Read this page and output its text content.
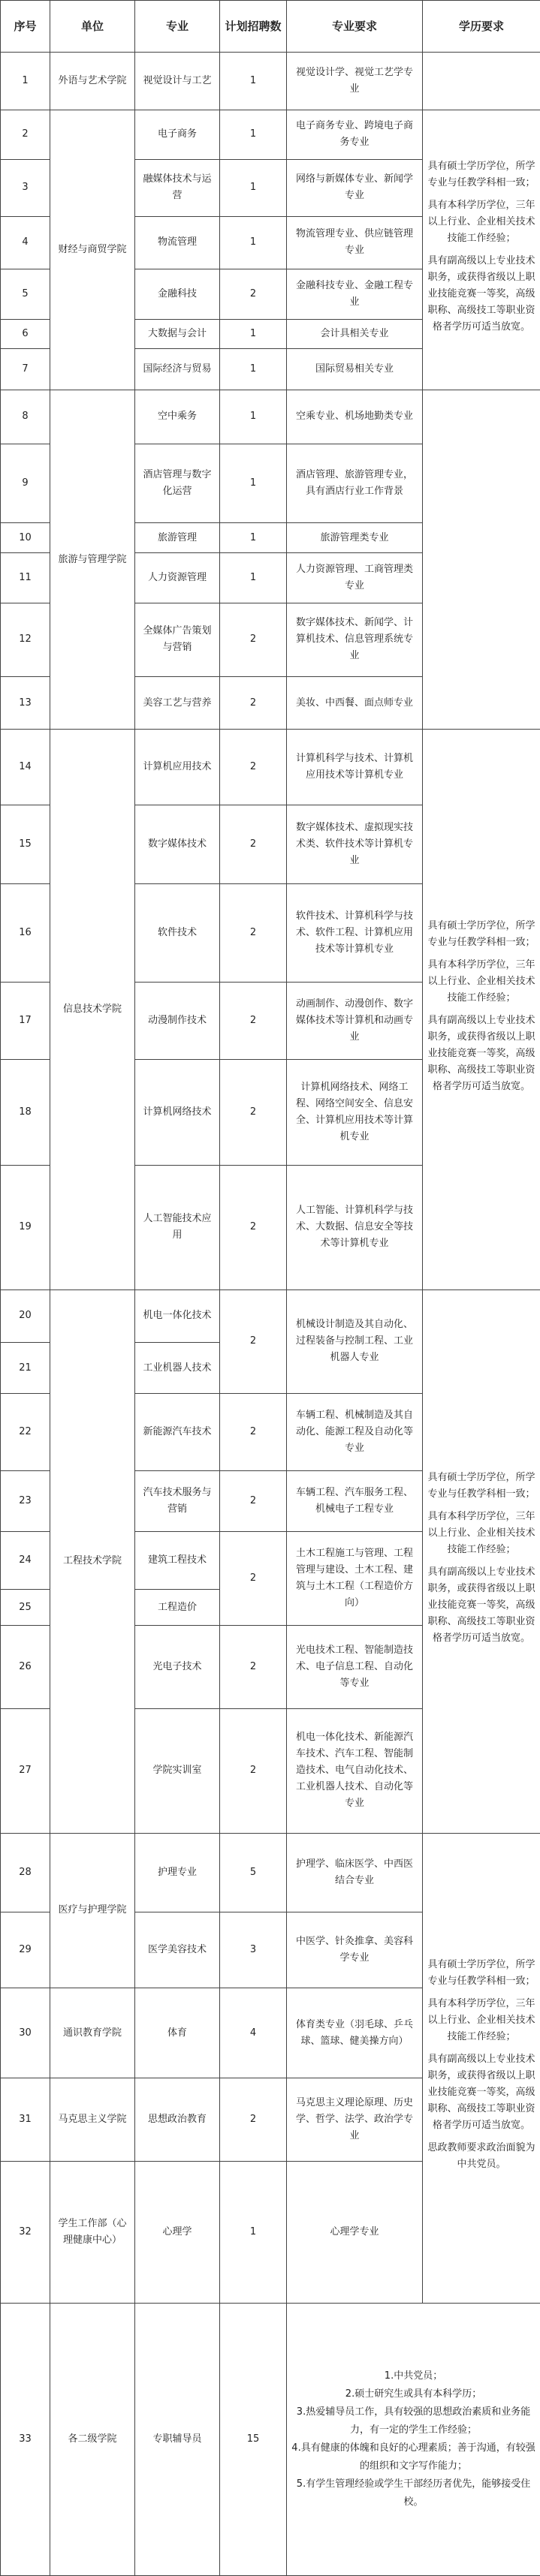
序号	单位	专业	计划招聘数	专业要求	学历要求
1	外语与艺术学院	视觉设计与工艺	1	视觉设计学、视觉工艺学专业	
2	财经与商贸学院	电子商务	1	电子商务专业、跨境电子商务专业	具有硕士学历学位，所学专业与任教学科相一致；
具有本科学历学位，三年以上行业、企业相关技术技能工作经验；
具有副高级以上专业技术职务，或获得省级以上职业技能竞赛一等奖，高级职称、高级技工等职业资格者学历可适当放宽。

3		融媒体技术与运营	1	网络与新媒体专业、新闻学专业	
4		物流管理	1	物流管理专业、供应链管理专业	
5		金融科技	2	金融科技专业、金融工程专业	
6		大数据与会计	1	会计具相关专业	
7		国际经济与贸易	1	国际贸易相关专业	
8	旅游与管理学院	空中乘务	1	空乘专业、机场地勤类专业	
9		酒店管理与数字化运营	1	酒店管理、旅游管理专业，具有酒店行业工作背景	
10		旅游管理	1	旅游管理类专业	
11		人力资源管理	1	人力资源管理、工商管理类专业	
12		全媒体广告策划与营销	2	数字媒体技术、新闻学、计算机技术、信息管理系统专业	
13		美容工艺与营养	2	美妆、中西餐、面点师专业	
14	信息技术学院	计算机应用技术	2	计算机科学与技术、计算机应用技术等计算机专业	具有硕士学历学位，所学专业与任教学科相一致；
具有本科学历学位，三年以上行业、企业相关技术技能工作经验；
具有副高级以上专业技术职务，或获得省级以上职业技能竞赛一等奖，高级职称、高级技工等职业资格者学历可适当放宽。

15		数字媒体技术	2	数字媒体技术、虚拟现实技术类、软件技术等计算机专业	
16		软件技术	2	软件技术、计算机科学与技术、软件工程、计算机应用技术等计算机专业	
17		动漫制作技术	2	动画制作、动漫创作、数字媒体技术等计算机和动画专业	
18		计算机网络技术	2	计算机网络技术、网络工程、网络空间安全、信息安全、计算机应用技术等计算机专业	
19		人工智能技术应用	2	人工智能、计算机科学与技术、大数据、信息安全等技术等计算机专业	
20	工程技术学院	机电一体化技术	2	机械设计制造及其自动化、过程装备与控制工程、工业机器人专业	具有硕士学历学位，所学专业与任教学科相一致；
具有本科学历学位，三年以上行业、企业相关技术技能工作经验；
具有副高级以上专业技术职务，或获得省级以上职业技能竞赛一等奖，高级职称、高级技工等职业资格者学历可适当放宽。

21		工业机器人技术			
22		新能源汽车技术	2	车辆工程、机械制造及其自动化、能源工程及自动化等专业	
23		汽车技术服务与营销	2	车辆工程、汽车服务工程、机械电子工程专业	
24		建筑工程技术	2	土木工程施工与管理、工程管理与建设、土木工程、建筑与土木工程（工程造价方向）	
25		工程造价			
26		光电子技术	2	光电技术工程、智能制造技术、电子信息工程、自动化等专业	
27		学院实训室	2	机电一体化技术、新能源汽车技术、汽车工程、智能制造技术、电气自动化技术、工业机器人技术、自动化等专业	
28	医疗与护理学院	护理专业	5	护理学、临床医学、中西医结合专业	具有硕士学历学位，所学专业与任教学科相一致；
具有本科学历学位，三年以上行业、企业相关技术技能工作经验；
具有副高级以上专业技术职务，或获得省级以上职业技能竞赛一等奖，高级职称、高级技工等职业资格者学历可适当放宽。
思政教师要求政治面貌为中共党员。

29		医学美容技术	3	中医学、针灸推拿、美容科学专业	
30	通识教育学院	体育	4	体育类专业（羽毛球、乒乓球、篮球、健美操方向）	
31	马克思主义学院	思想政治教育	2	马克思主义理论原理、历史学、哲学、法学、政治学专业	
32	学生工作部（心理健康中心）	心理学	1	心理学专业	
33	各二级学院	专职辅导员	15	1.中共党员；
2.硕士研究生或具有本科学历；
3.热爱辅导员工作，具有较强的思想政治素质和业务能力，有一定的学生工作经验；
4.具有健康的体魄和良好的心理素质；善于沟通，有较强的组织和文字写作能力；
5.有学生管理经验或学生干部经历者优先，能够接受住校。	
